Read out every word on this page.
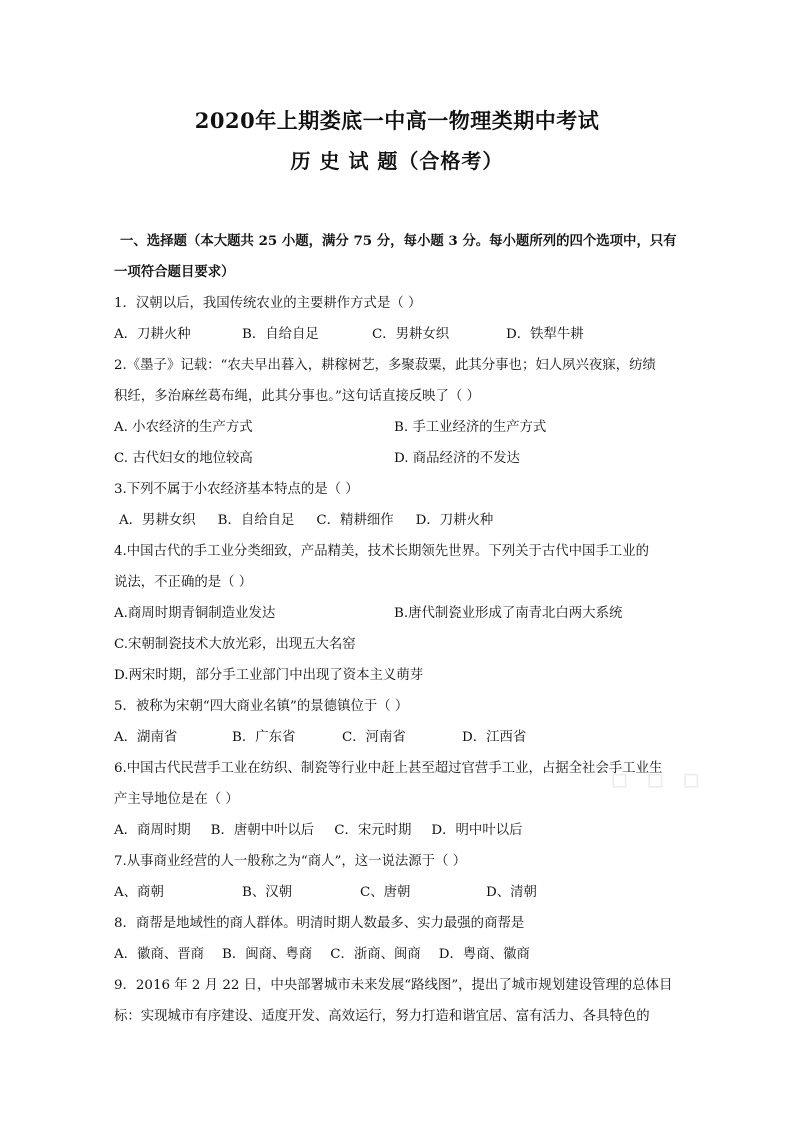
2020年上期娄底一中高一物理类期中考试
历 史 试 题（合格考）
▫ ▫ ▫
一、选择题（本大题共 25 小题，满分 75 分，每小题 3 分。每小题所列的四个选项中，只有
一项符合题目要求）
1．汉朝以后，我国传统农业的主要耕作方式是（ ）
A．刀耕火种	B．自给自足	C．男耕女织	D．铁犁牛耕
2.《墨子》记载：“农夫早出暮入，耕稼树艺，多聚菽粟，此其分事也；妇人夙兴夜寐，纺绩
积纴，多治麻丝葛布绳，此其分事也。”这句话直接反映了（ ）
A. 小农经济的生产方式	B. 手工业经济的生产方式
C. 古代妇女的地位较高	D. 商品经济的不发达
3.下列不属于小农经济基本特点的是（ ）
A．男耕女织 B．自给自足 C．精耕细作 D．刀耕火种
4.中国古代的手工业分类细致，产品精美，技术长期领先世界。下列关于古代中国手工业的
说法，不正确的是（ ）
A.商周时期青铜制造业发达	B.唐代制瓷业形成了南青北白两大系统
C.宋朝制瓷技术大放光彩，出现五大名窑
D.两宋时期，部分手工业部门中出现了资本主义萌芽
5．被称为宋朝“四大商业名镇”的景德镇位于（ ）
A．湖南省	B．广东省	C．河南省	D．江西省
6.中国古代民营手工业在纺织、制瓷等行业中赶上甚至超过官营手工业，占据全社会手工业生
产主导地位是在（ ）
A．商周时期 B．唐朝中叶以后 C．宋元时期 D．明中叶以后
7.从事商业经营的人一般称之为“商人”，这一说法源于（ ）
A、商朝	B、汉朝	C、唐朝	D、清朝
8．商帮是地域性的商人群体。明清时期人数最多、实力最强的商帮是
A．徽商、晋商 B．闽商、粤商 C．浙商、闽商 D．粤商、徽商
9．2016 年 2 月 22 日，中央部署城市未来发展“路线图”，提出了城市规划建设管理的总体目
标：实现城市有序建设、适度开发、高效运行，努力打造和谐宜居、富有活力、各具特色的
